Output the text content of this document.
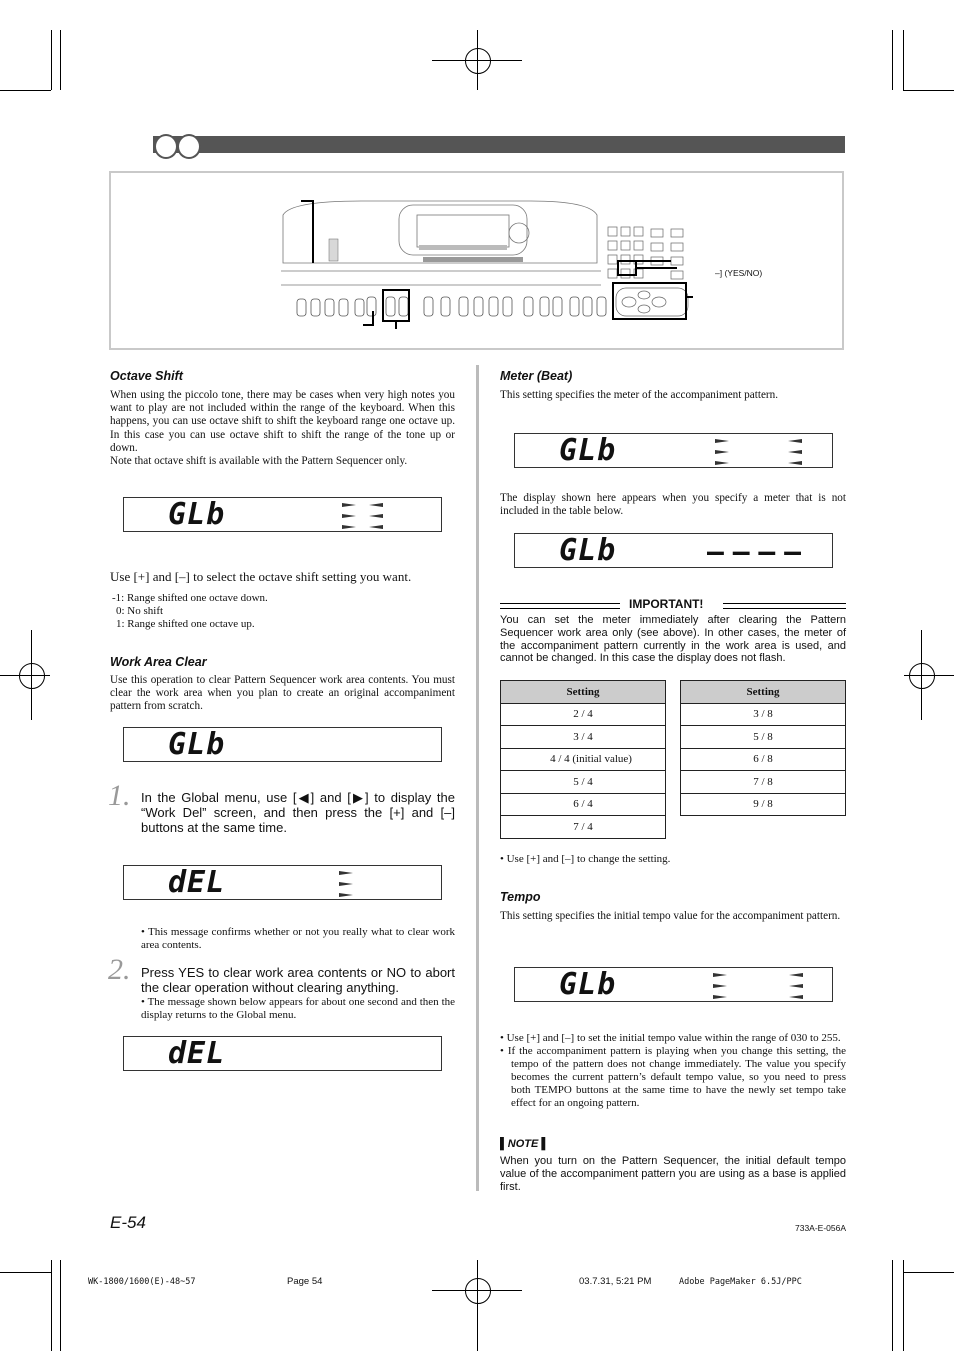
–] (YES/NO)
Octave Shift
When using the piccolo tone, there may be cases when very high notes you want to play are not included within the range of the keyboard. When this happens, you can use octave shift to shift the keyboard range one octave up. In this case you can use octave shift to shift the range of the tone up or down.
Note that octave shift is available with the Pattern Sequencer only.
GLb
Use [+] and [–] to select the octave shift setting you want.
-1: Range shifted one octave down.
0: No shift
1: Range shifted one octave up.
Work Area Clear
Use this operation to clear Pattern Sequencer work area contents. You must clear the work area when you plan to create an original accompaniment pattern from scratch.
GLb
1. In the Global menu, use [◀] and [▶] to display the “Work Del” screen, and then press the [+] and [–] buttons at the same time.
dEL
• This message confirms whether or not you really what to clear work area contents.
2. Press YES to clear work area contents or NO to abort the clear operation without clearing anything.
• The message shown below appears for about one second and then the display returns to the Global menu.
dEL
Meter (Beat)
This setting specifies the meter of the accompaniment pattern.
GLb
The display shown here appears when you specify a meter that is not included in the table below.
GLb	– – – –
IMPORTANT!
You can set the meter immediately after clearing the Pattern Sequencer work area only (see above). In other cases, the meter of the accompaniment pattern currently in the work area is used, and cannot be changed. In this case the display does not flash.
Setting
2 / 4
3 / 4
4 / 4 (initial value)
5 / 4
6 / 4
7 / 4
Setting
3 / 8
5 / 8
6 / 8
7 / 8
9 / 8
• Use [+] and [–] to change the setting.
Tempo
This setting specifies the initial tempo value for the accompaniment pattern.
GLb
• Use [+] and [–] to set the initial tempo value within the range of 030 to 255.
• If the accompaniment pattern is playing when you change this setting, the tempo of the pattern does not change immediately. The value you specify becomes the current pattern’s default tempo value, so you need to press both TEMPO buttons at the same time to have the newly set tempo take effect for an ongoing pattern.
▌NOTE ▌
When you turn on the Pattern Sequencer, the initial default tempo value of the accompaniment pattern you are using as a base is applied first.
E-54	733A-E-056A
WK-1800/1600(E)-48~57	Page 54	03.7.31, 5:21 PM	Adobe PageMaker 6.5J/PPC
